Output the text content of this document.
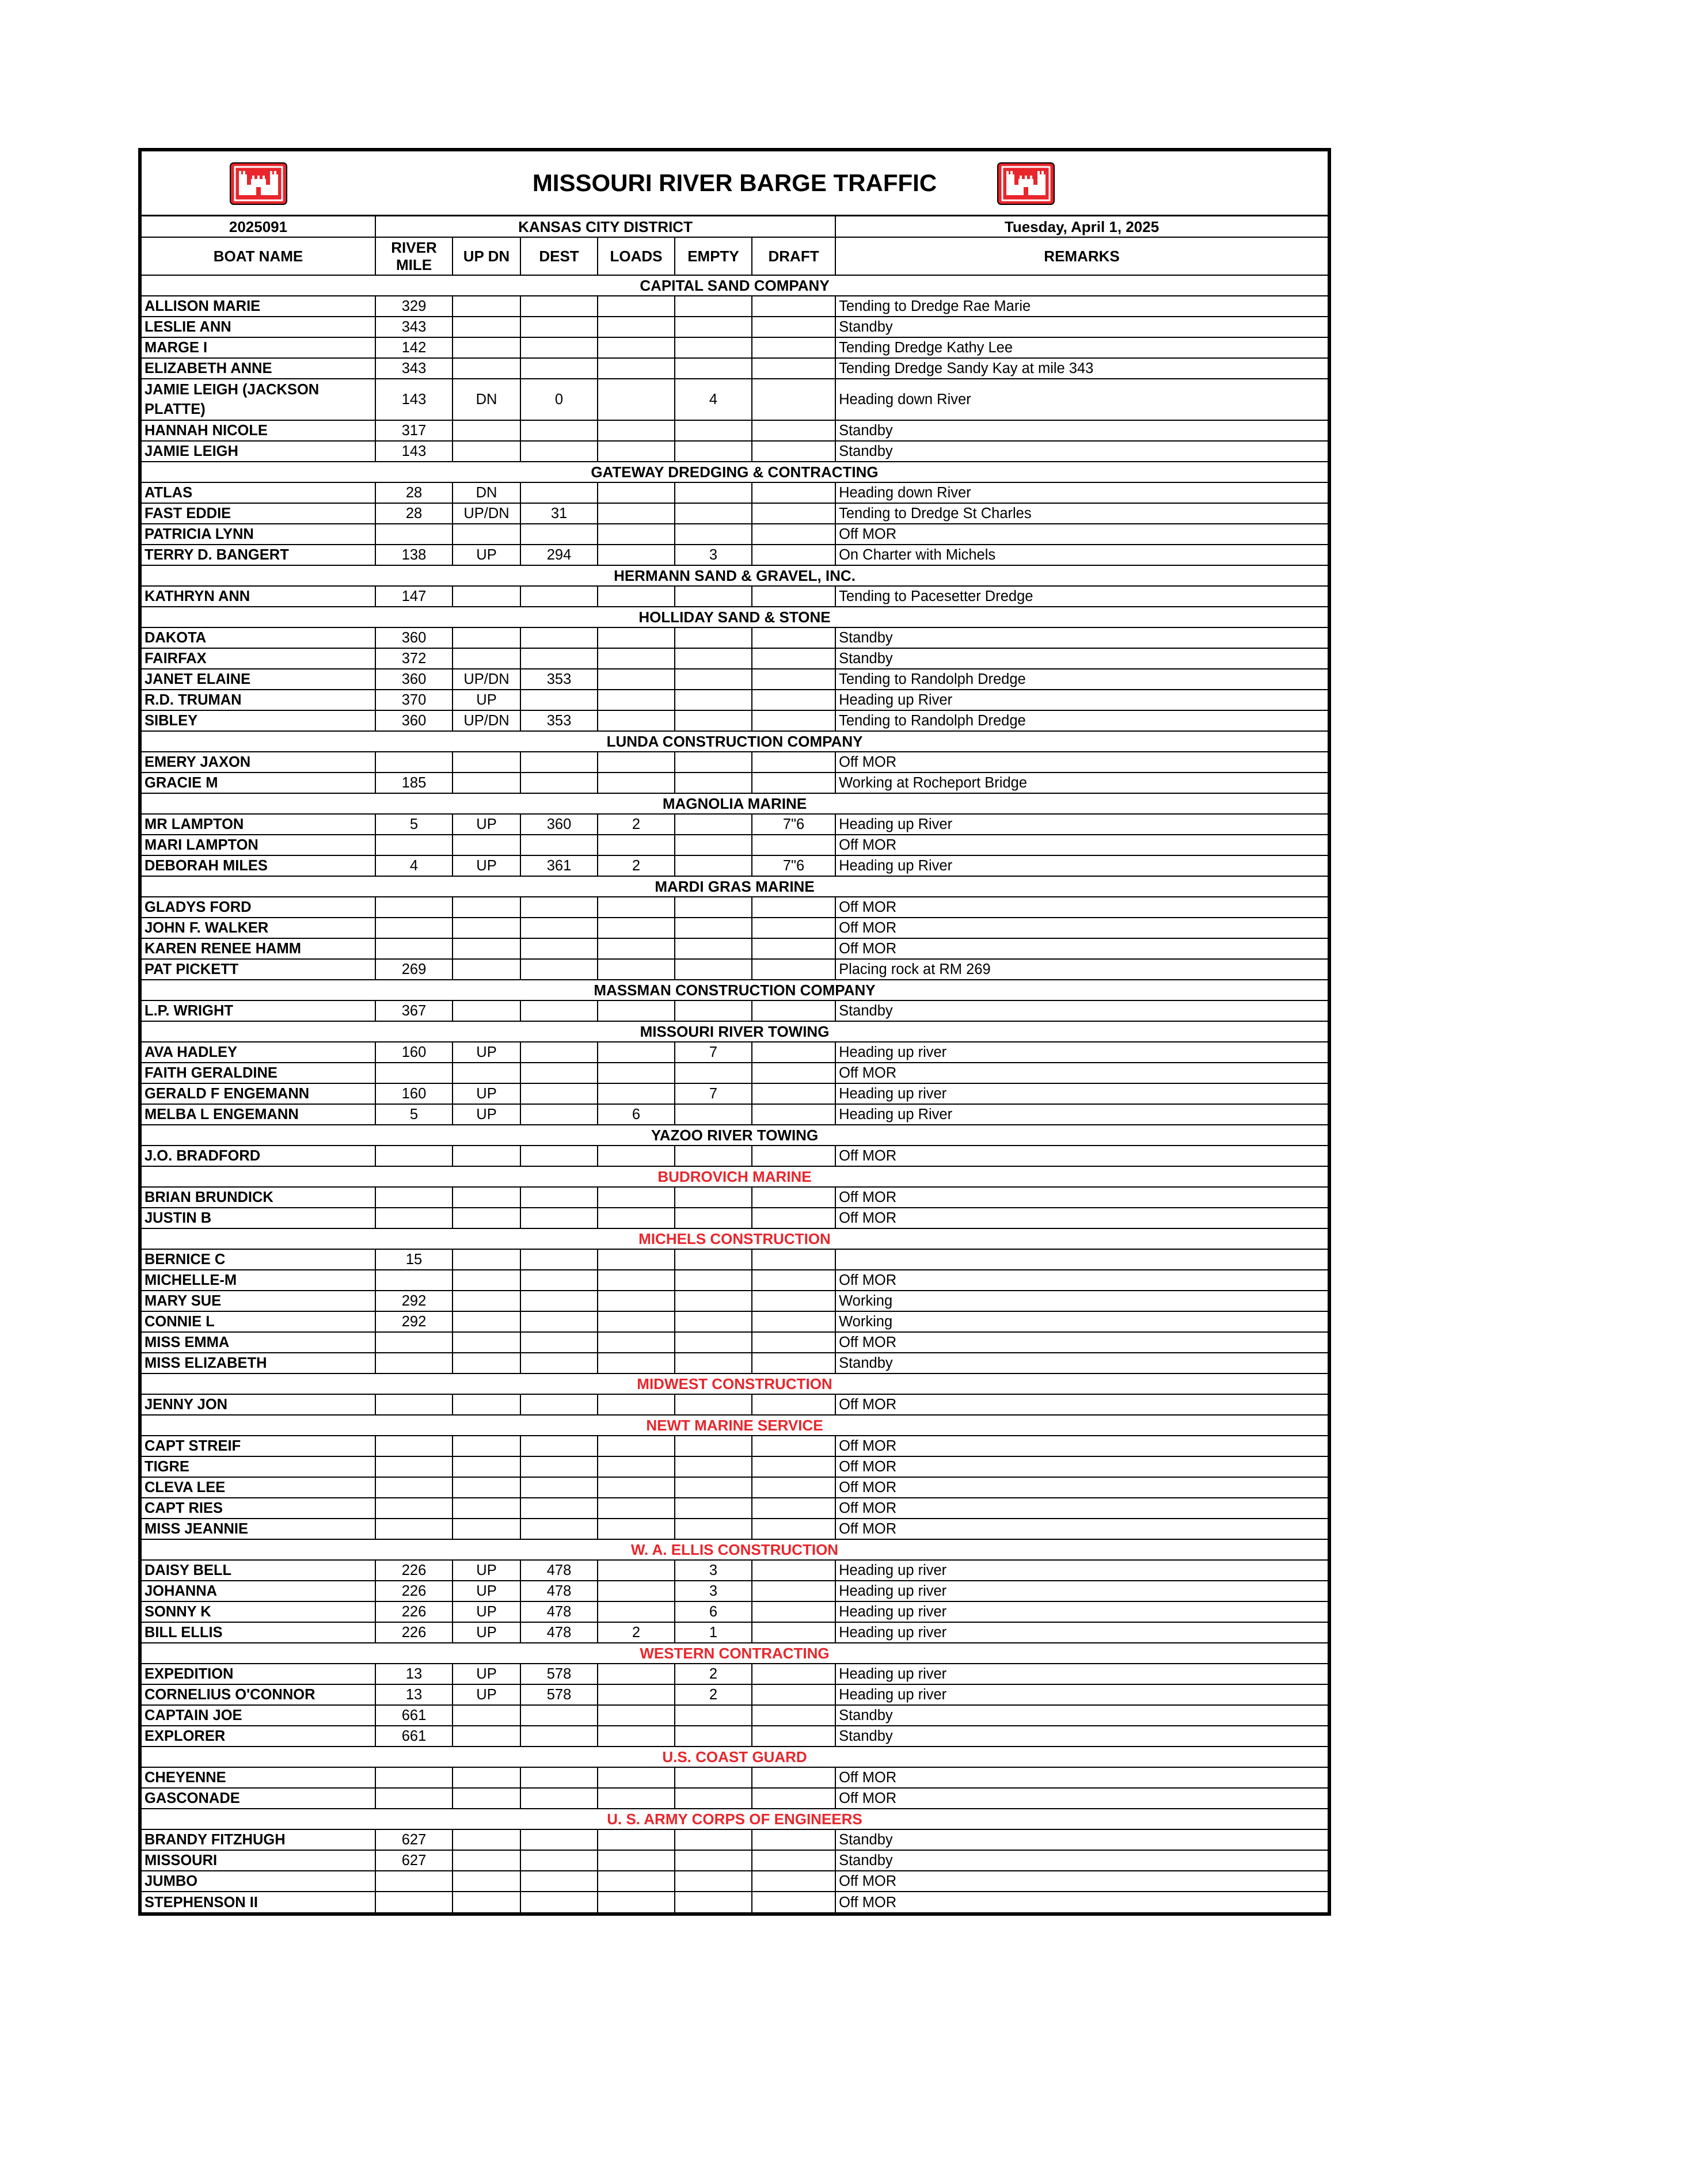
MISSOURI RIVER BARGE TRAFFIC
2025091	KANSAS CITY DISTRICT						Tuesday, April 1, 2025
BOAT NAME	RIVER MILE	UP DN	DEST	LOADS	EMPTY	DRAFT	REMARKS
CAPITAL SAND COMPANY							
ALLISON MARIE	329						Tending to Dredge Rae Marie
LESLIE ANN	343						Standby
MARGE I	142						Tending Dredge Kathy Lee
ELIZABETH ANNE	343						Tending Dredge Sandy Kay at mile 343
JAMIE LEIGH (JACKSON PLATTE)	143	DN	0		4		Heading down River
HANNAH NICOLE	317						Standby
JAMIE LEIGH	143						Standby
GATEWAY DREDGING & CONTRACTING							
ATLAS	28	DN					Heading down River
FAST EDDIE	28	UP/DN	31				Tending to Dredge St Charles
PATRICIA LYNN							Off MOR
TERRY D. BANGERT	138	UP	294		3		On Charter with Michels
HERMANN SAND & GRAVEL, INC.							
KATHRYN ANN	147						Tending to Pacesetter Dredge
HOLLIDAY SAND & STONE							
DAKOTA	360						Standby
FAIRFAX	372						Standby
JANET ELAINE	360	UP/DN	353				Tending to Randolph Dredge
R.D. TRUMAN	370	UP					Heading up River
SIBLEY	360	UP/DN	353				Tending to Randolph Dredge
LUNDA CONSTRUCTION COMPANY							
EMERY JAXON							Off MOR
GRACIE M	185						Working at Rocheport Bridge
MAGNOLIA MARINE							
MR LAMPTON	5	UP	360	2		7"6	Heading up River
MARI LAMPTON							Off MOR
DEBORAH MILES	4	UP	361	2		7"6	Heading up River
MARDI GRAS MARINE							
GLADYS FORD							Off MOR
JOHN F. WALKER							Off MOR
KAREN RENEE HAMM							Off MOR
PAT PICKETT	269						Placing rock at RM 269
MASSMAN CONSTRUCTION COMPANY							
L.P. WRIGHT	367						Standby
MISSOURI RIVER TOWING							
AVA HADLEY	160	UP			7		Heading up river
FAITH GERALDINE							Off MOR
GERALD F ENGEMANN	160	UP			7		Heading up river
MELBA L ENGEMANN	5	UP		6			Heading up River
YAZOO RIVER TOWING							
J.O. BRADFORD							Off MOR
BUDROVICH MARINE							
BRIAN BRUNDICK							Off MOR
JUSTIN B							Off MOR
MICHELS CONSTRUCTION							
BERNICE C	15						
MICHELLE-M							Off MOR
MARY SUE	292						Working
CONNIE L	292						Working
MISS EMMA							Off MOR
MISS ELIZABETH							Standby
MIDWEST CONSTRUCTION							
JENNY JON							Off MOR
NEWT MARINE SERVICE							
CAPT STREIF							Off MOR
TIGRE							Off MOR
CLEVA LEE							Off MOR
CAPT RIES							Off MOR
MISS JEANNIE							Off MOR
W. A. ELLIS CONSTRUCTION							
DAISY BELL	226	UP	478		3		Heading up river
JOHANNA	226	UP	478		3		Heading up river
SONNY K	226	UP	478		6		Heading up river
BILL ELLIS	226	UP	478	2	1		Heading up river
WESTERN CONTRACTING							
EXPEDITION	13	UP	578		2		Heading up river
CORNELIUS O'CONNOR	13	UP	578		2		Heading up river
CAPTAIN JOE	661						Standby
EXPLORER	661						Standby
U.S. COAST GUARD							
CHEYENNE							Off MOR
GASCONADE							Off MOR
U. S. ARMY CORPS OF ENGINEERS							
BRANDY FITZHUGH	627						Standby
MISSOURI	627						Standby
JUMBO							Off MOR
STEPHENSON II							Off MOR
